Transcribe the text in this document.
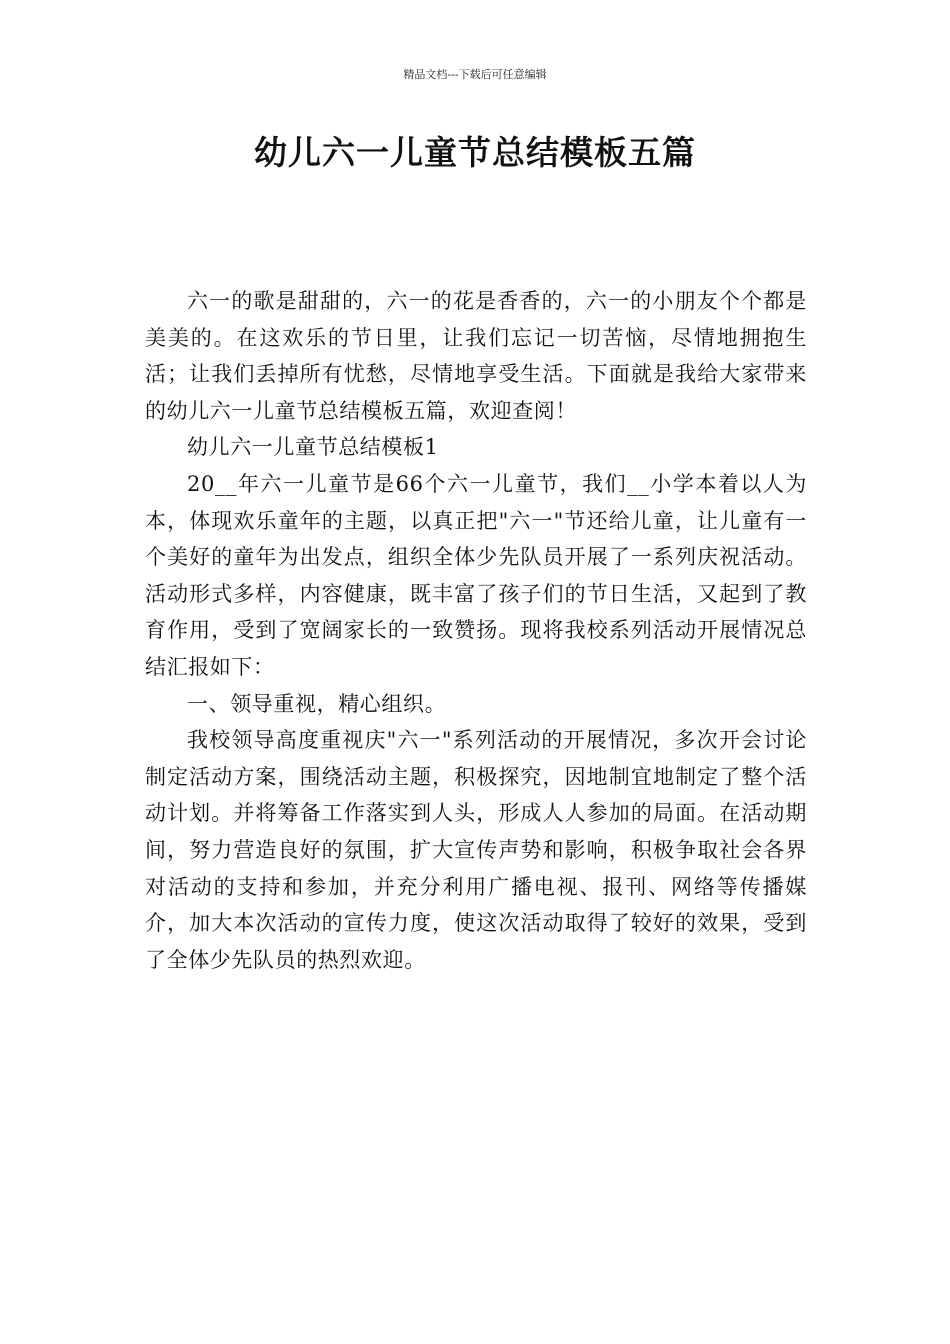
精品文档---下载后可任意编辑
幼儿六一儿童节总结模板五篇

六一的歌是甜甜的，六一的花是香香的，六一的小朋友个个都是美美的。在这欢乐的节日里，让我们忘记一切苦恼，尽情地拥抱生活；让我们丢掉所有忧愁，尽情地享受生活。下面就是我给大家带来的幼儿六一儿童节总结模板五篇，欢迎查阅！

幼儿六一儿童节总结模板1

20__年六一儿童节是66个六一儿童节，我们__小学本着以人为本，体现欢乐童年的主题，以真正把"六一"节还给儿童，让儿童有一个美好的童年为出发点，组织全体少先队员开展了一系列庆祝活动。活动形式多样，内容健康，既丰富了孩子们的节日生活，又起到了教育作用，受到了宽阔家长的一致赞扬。现将我校系列活动开展情况总结汇报如下：

一、领导重视，精心组织。

我校领导高度重视庆"六一"系列活动的开展情况，多次开会讨论制定活动方案，围绕活动主题，积极探究，因地制宜地制定了整个活动计划。并将筹备工作落实到人头，形成人人参加的局面。在活动期间，努力营造良好的氛围，扩大宣传声势和影响，积极争取社会各界对活动的支持和参加，并充分利用广播电视、报刊、网络等传播媒介，加大本次活动的宣传力度，使这次活动取得了较好的效果，受到了全体少先队员的热烈欢迎。
